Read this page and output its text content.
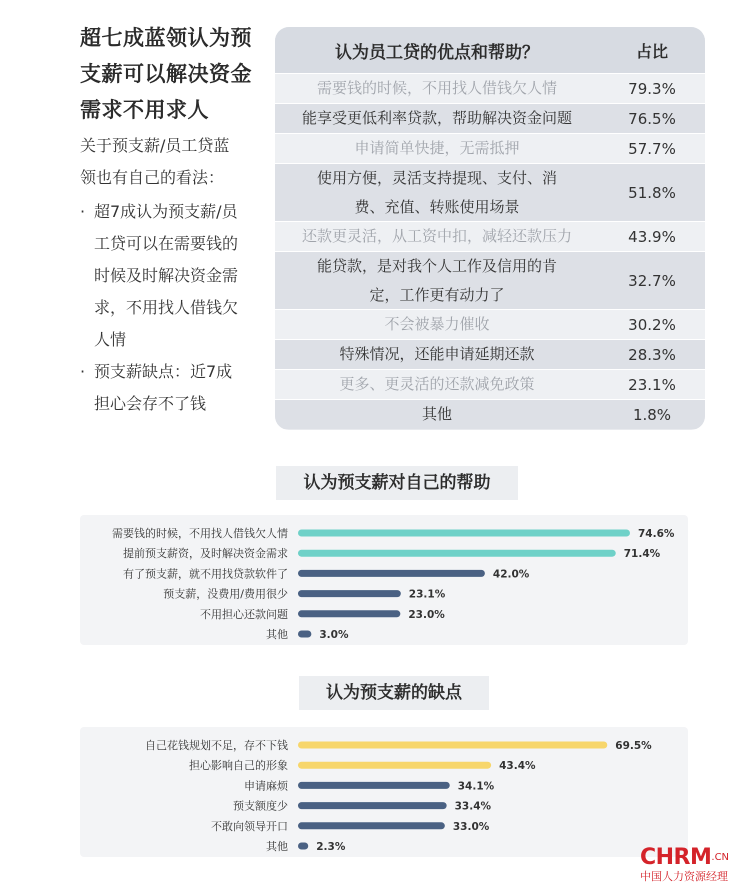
超七成蓝领认为预
支薪可以解决资金
需求不用求人
关于预支薪/员工贷蓝
领也有自己的看法：
· 超7成认为预支薪/员
工贷可以在需要钱的
时候及时解决资金需
求，不用找人借钱欠
人情
· 预支薪缺点：近7成
担心会存不了钱
认为员工贷的优点和帮助？	占比
需要钱的时候，不用找人借钱欠人情	79.3%
能享受更低利率贷款，帮助解决资金问题	76.5%
申请简单快捷，无需抵押	57.7%
使用方便，灵活支持提现、支付、消
费、充值、转账使用场景
51.8%
还款更灵活，从工资中扣，减轻还款压力	43.9%
能贷款，是对我个人工作及信用的肯
定，工作更有动力了
32.7%
不会被暴力催收	30.2%
特殊情况，还能申请延期还款	28.3%
更多、更灵活的还款减免政策	23.1%
其他	1.8%
认为预支薪对自己的帮助
需要钱的时候，不用找人借钱欠人情	74.6%
提前预支薪资，及时解决资金需求	71.4%
有了预支薪，就不用找贷款软件了	42.0%
预支薪，没费用/费用很少	23.1%
不用担心还款问题	23.0%
其他	3.0%
认为预支薪的缺点
自己花钱规划不足，存不下钱	69.5%
担心影响自己的形象	43.4%
申请麻烦	34.1%
预支额度少	33.4%
不敢向领导开口	33.0%
其他	2.3%	$CHRM^{.CN}$
中国人力资源经理
